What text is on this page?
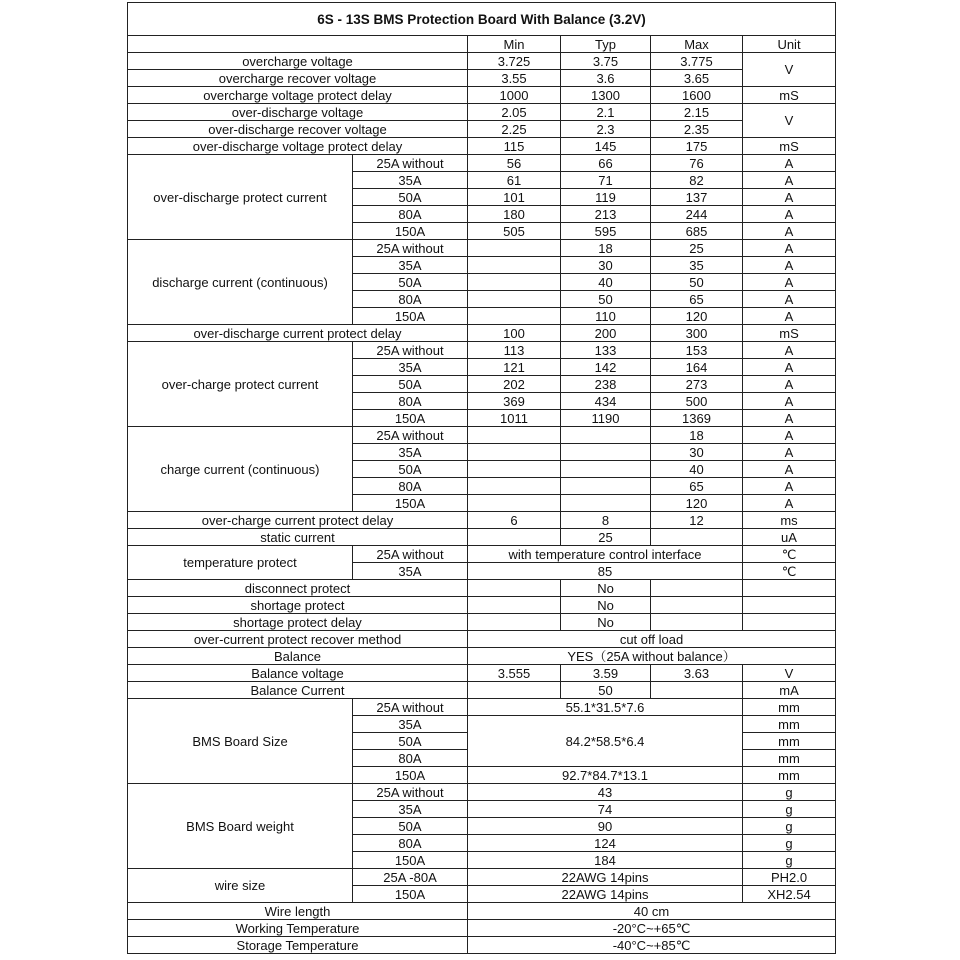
6S - 13S BMS Protection Board With Balance (3.2V)					
		Min	Typ	Max	Unit
overcharge voltage		3.725	3.75	3.775	V
overcharge recover voltage		3.55	3.6	3.65	
overcharge voltage protect delay		1000	1300	1600	mS
over-discharge voltage		2.05	2.1	2.15	V
over-discharge recover voltage		2.25	2.3	2.35	
over-discharge voltage protect delay		115	145	175	mS
over-discharge protect current	25A without	56	66	76	A
	35A	61	71	82	A
	50A	101	119	137	A
	80A	180	213	244	A
	150A	505	595	685	A
discharge current (continuous)	25A without		18	25	A
	35A		30	35	A
	50A		40	50	A
	80A		50	65	A
	150A		110	120	A
over-discharge current protect delay		100	200	300	mS
over-charge protect current	25A without	113	133	153	A
	35A	121	142	164	A
	50A	202	238	273	A
	80A	369	434	500	A
	150A	1011	1190	1369	A
charge current (continuous)	25A without			18	A
	35A			30	A
	50A			40	A
	80A			65	A
	150A			120	A
over-charge current protect delay		6	8	12	ms
static current			25		uA
temperature protect	25A without	with temperature control interface			℃
	35A	85			℃
disconnect protect			No		
shortage protect			No		
shortage protect delay			No		
over-current protect recover method		cut off load			
Balance		YES（25A without balance）			
Balance voltage		3.555	3.59	3.63	V
Balance Current			50		mA
BMS Board Size	25A without	55.1*31.5*7.6			mm
	35A	84.2*58.5*6.4			mm
	50A				mm
	80A				mm
	150A	92.7*84.7*13.1			mm
BMS Board weight	25A without	43			g
	35A	74			g
	50A	90			g
	80A	124			g
	150A	184			g
wire size	25A -80A	22AWG 14pins			PH2.0
	150A	22AWG 14pins			XH2.54
Wire length		40 cm			
Working Temperature		-20°C~+65℃			
Storage Temperature		-40°C~+85℃			
